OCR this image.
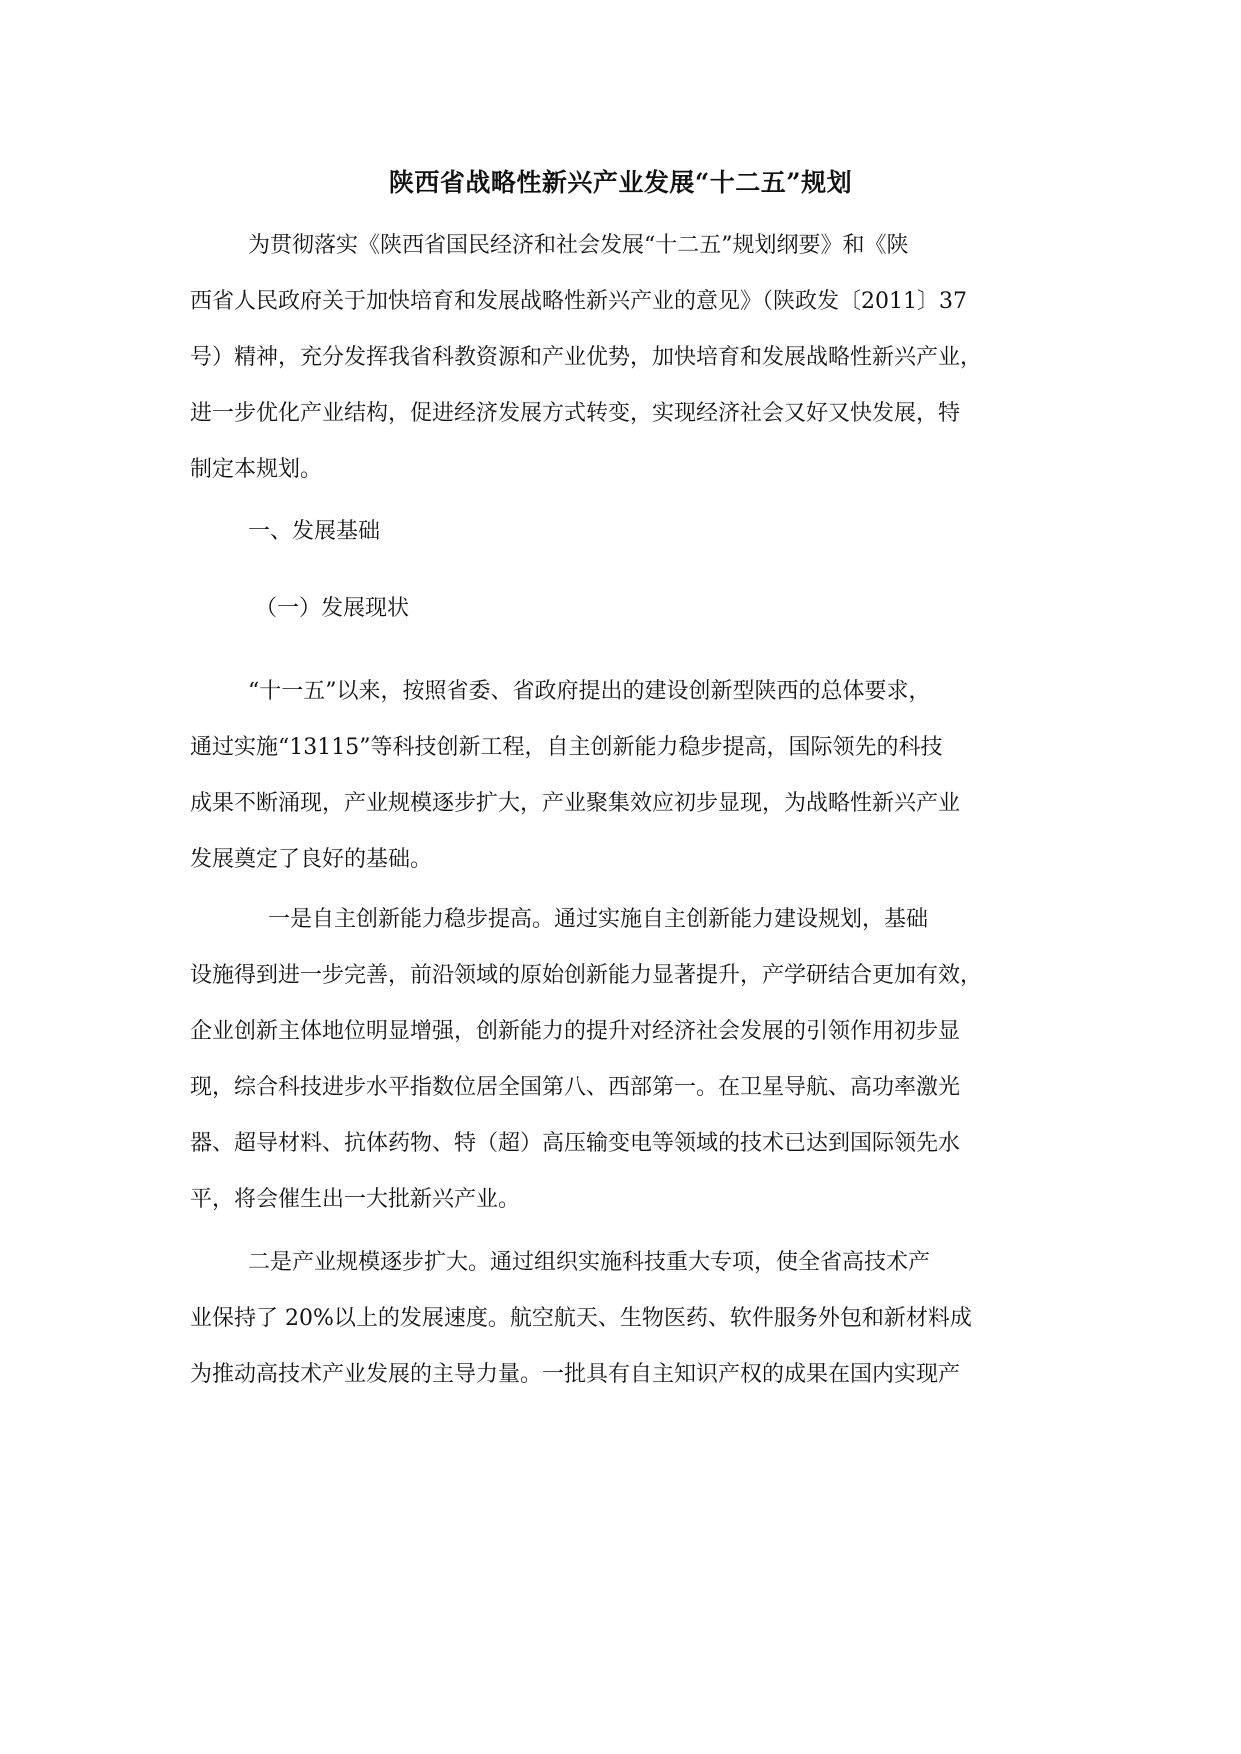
陕西省战略性新兴产业发展“十二五”规划
为贯彻落实《陕西省国民经济和社会发展“十二五”规划纲要》和《陕
西省人民政府关于加快培育和发展战略性新兴产业的意见》（陕政发〔2011〕37
号）精神，充分发挥我省科教资源和产业优势，加快培育和发展战略性新兴产业，
进一步优化产业结构，促进经济发展方式转变，实现经济社会又好又快发展，特
制定本规划。
一、发展基础
（一）发展现状
“十一五”以来，按照省委、省政府提出的建设创新型陕西的总体要求，
通过实施“13115”等科技创新工程，自主创新能力稳步提高，国际领先的科技
成果不断涌现，产业规模逐步扩大，产业聚集效应初步显现，为战略性新兴产业
发展奠定了良好的基础。
一是自主创新能力稳步提高。通过实施自主创新能力建设规划，基础
设施得到进一步完善，前沿领域的原始创新能力显著提升，产学研结合更加有效，
企业创新主体地位明显增强，创新能力的提升对经济社会发展的引领作用初步显
现，综合科技进步水平指数位居全国第八、西部第一。在卫星导航、高功率激光
器、超导材料、抗体药物、特（超）高压输变电等领域的技术已达到国际领先水
平，将会催生出一大批新兴产业。
二是产业规模逐步扩大。通过组织实施科技重大专项，使全省高技术产
业保持了 20%以上的发展速度。航空航天、生物医药、软件服务外包和新材料成
为推动高技术产业发展的主导力量。一批具有自主知识产权的成果在国内实现产
